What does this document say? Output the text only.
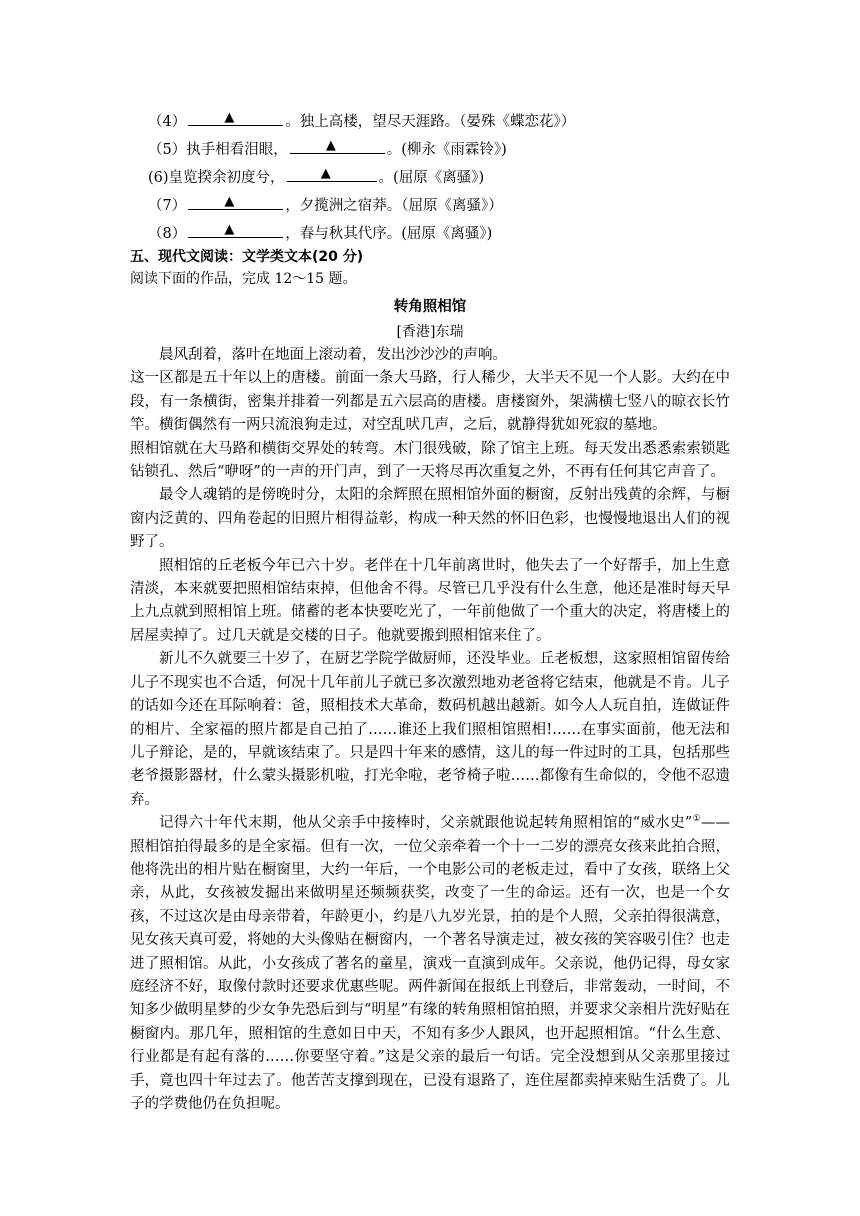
（4）	▲	。独上高楼，望尽天涯路。（晏殊《蝶恋花》）
（5）执手相看泪眼，	▲	。(柳永《雨霖铃》)
(6)皇览揆余初度兮，	▲	。(屈原《离骚》)
（7）	▲	，夕揽洲之宿莽。（屈原《离骚》）
（8）	▲	，春与秋其代序。(屈原《离骚》)
五、现代文阅读：文学类文本(20 分)
阅读下面的作品，完成 12～15 题。
转角照相馆
[香港]东瑞

晨风刮着，落叶在地面上滚动着，发出沙沙沙的声响。

这一区都是五十年以上的唐楼。前面一条大马路，行人稀少，大半天不见一个人影。大约在中段，有一条横街，密集并排着一列都是五六层高的唐楼。唐楼窗外，架满横七竖八的晾衣长竹竿。横街偶然有一两只流浪狗走过，对空乱吠几声，之后，就静得犹如死寂的墓地。

照相馆就在大马路和横街交界处的转弯。木门很残破，除了馆主上班。每天发出悉悉索索锁匙钻锁孔、然后“咿呀”的一声的开门声，到了一天将尽再次重复之外，不再有任何其它声音了。

最令人魂销的是傍晚时分，太阳的余辉照在照相馆外面的橱窗，反射出残黄的余辉，与橱窗内泛黄的、四角卷起的旧照片相得益彰，构成一种天然的怀旧色彩，也慢慢地退出人们的视野了。

照相馆的丘老板今年已六十岁。老伴在十几年前离世时，他失去了一个好帮手，加上生意清淡，本来就要把照相馆结束掉，但他舍不得。尽管已几乎没有什么生意，他还是准时每天早上九点就到照相馆上班。储蓄的老本快要吃光了，一年前他做了一个重大的决定，将唐楼上的居屋卖掉了。过几天就是交楼的日子。他就要搬到照相馆来住了。

新儿不久就要三十岁了，在厨艺学院学做厨师，还没毕业。丘老板想，这家照相馆留传给儿子不现实也不合适，何况十几年前儿子就已多次激烈地劝老爸将它结束，他就是不肯。儿子的话如今还在耳际响着：爸，照相技术大革命，数码机越出越新。如今人人玩自拍，连做证件的相片、全家福的照片都是自己拍了……谁还上我们照相馆照相!……在事实面前，他无法和儿子辩论，是的，早就该结束了。只是四十年来的感情，这儿的每一件过时的工具，包括那些老爷摄影器材，什么蒙头摄影机啦，打光伞啦，老爷椅子啦……都像有生命似的，令他不忍遗弃。

记得六十年代末期，他从父亲手中接棒时，父亲就跟他说起转角照相馆的“威水史”①——照相馆拍得最多的是全家福。但有一次，一位父亲牵着一个十一二岁的漂亮女孩来此拍合照，他将洗出的相片贴在橱窗里，大约一年后，一个电影公司的老板走过，看中了女孩，联络上父亲，从此，女孩被发掘出来做明星还频频获奖，改变了一生的命运。还有一次，也是一个女孩，不过这次是由母亲带着，年龄更小，约是八九岁光景，拍的是个人照，父亲拍得很满意，见女孩天真可爱，将她的大头像贴在橱窗内，一个著名导演走过，被女孩的笑容吸引住？也走进了照相馆。从此，小女孩成了著名的童星，演戏一直演到成年。父亲说，他仍记得，母女家庭经济不好，取像付款时还要求优惠些呢。两件新闻在报纸上刊登后，非常轰动，一时间，不知多少做明星梦的少女争先恐后到与“明星”有缘的转角照相馆拍照，并要求父亲相片洗好贴在橱窗内。那几年，照相馆的生意如日中天，不知有多少人跟风，也开起照相馆。“什么生意、行业都是有起有落的……你要坚守着。”这是父亲的最后一句话。完全没想到从父亲那里接过手，竟也四十年过去了。他苦苦支撑到现在，已没有退路了，连住屋都卖掉来贴生活费了。儿子的学费他仍在负担呢。
